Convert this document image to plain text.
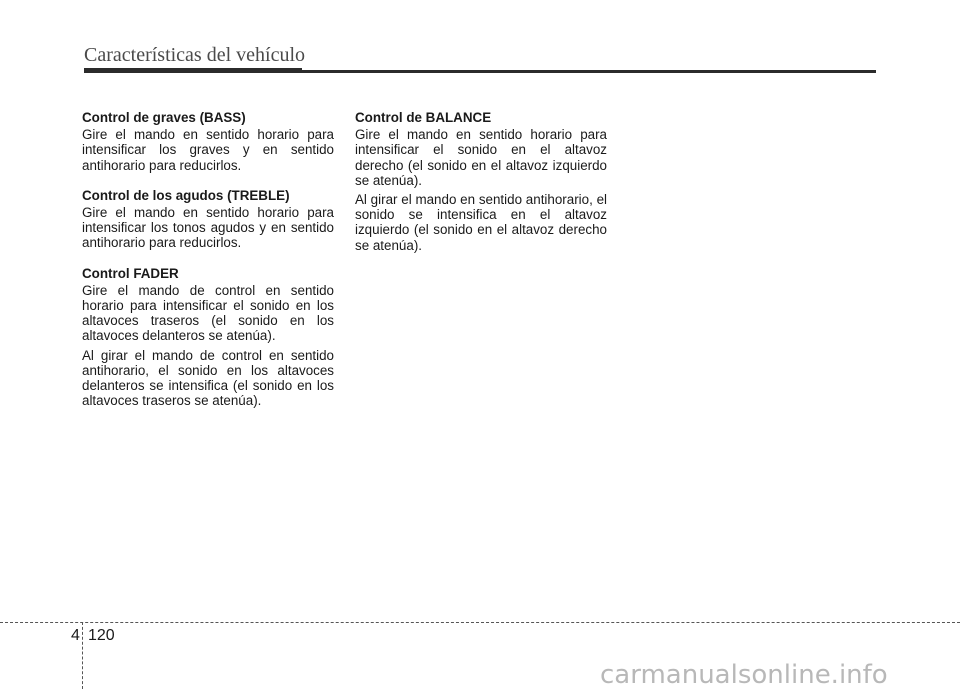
Características del vehículo
Control de graves (BASS)
Gire el mando en sentido horario para intensificar los graves y en sentido antihorario para reducirlos.
Control de los agudos (TREBLE)
Gire el mando en sentido horario para intensificar los tonos agudos y en sentido antihorario para reducirlos.
Control FADER
Gire el mando de control en sentido horario para intensificar el sonido en los altavoces traseros (el sonido en los altavoces delanteros se atenúa).
Al girar el mando de control en sentido antihorario, el sonido en los altavoces delanteros se intensifica (el sonido en los altavoces traseros se atenúa).
Control de BALANCE
Gire el mando en sentido horario para intensificar el sonido en el altavoz derecho (el sonido en el altavoz izquierdo se atenúa).
Al girar el mando en sentido antihorario, el sonido se intensifica en el altavoz izquierdo (el sonido en el altavoz derecho se atenúa).
4 120
carmanualsonline.info
